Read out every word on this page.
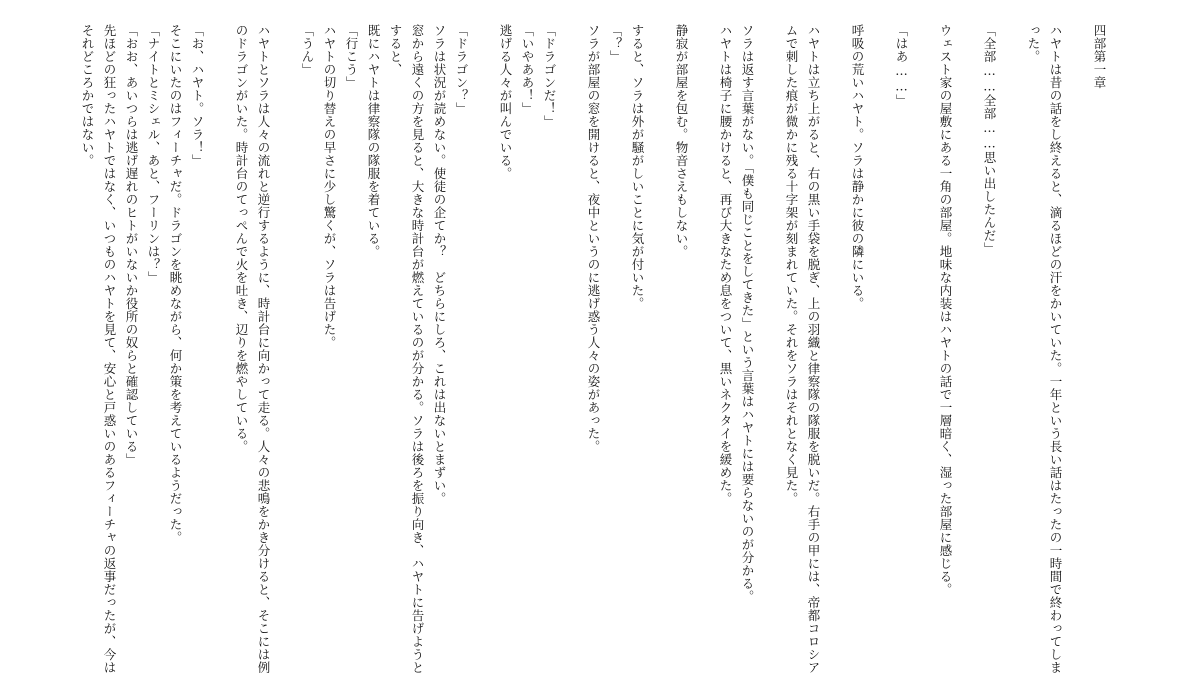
四部第一章
ハヤトは昔の話をし終えると、滴るほどの汗をかいていた。一年という長い話はたったの一時間で終わってしまった。
「全部……全部……思い出したんだ」
ウェスト家の屋敷にある一角の部屋。地味な内装はハヤトの話で一層暗く、湿った部屋に感じる。
「はあ……」
呼吸の荒いハヤト。ソラは静かに彼の隣にいる。
ハヤトは立ち上がると、右の黒い手袋を脱ぎ、上の羽織と律察隊の隊服を脱いだ。右手の甲には、帝都コロシアムで刺した痕が微かに残る十字架が刻まれていた。それをソラはそれとなく見た。
ソラは返す言葉がない。「僕も同じことをしてきた」という言葉はハヤトには要らないのが分かる。
ハヤトは椅子に腰かけると、再び大きなため息をついて、黒いネクタイを緩めた。
静寂が部屋を包む。物音さえもしない。
すると、ソラは外が騒がしいことに気が付いた。
「？」
ソラが部屋の窓を開けると、夜中というのに逃げ惑う人々の姿があった。
「ドラゴンだ！」
「いやああ！」
逃げる人々が叫んでいる。
「ドラゴン？」
ソラは状況が読めない。使徒の企てか？　どちらにしろ、これは出ないとまずい。
窓から遠くの方を見ると、大きな時計台が燃えているのが分かる。ソラは後ろを振り向き、ハヤトに告げようとすると、
既にハヤトは律察隊の隊服を着ている。
「行こう」
ハヤトの切り替えの早さに少し驚くが、ソラは告げた。
「うん」
ハヤトとソラは人々の流れと逆行するように、時計台に向かって走る。人々の悲鳴をかき分けると、そこには例のドラゴンがいた。時計台のてっぺんで火を吐き、辺りを燃やしている。
「お、ハヤト。ソラ！」
そこにいたのはフィーチャだ。ドラゴンを眺めながら、何か策を考えているようだった。
「ナイトとミシェル、あと、フーリンは？」
「おお、あいつらは逃げ遅れのヒトがいないか役所の奴らと確認している」
先ほどの狂ったハヤトではなく、いつものハヤトを見て、安心と戸惑いのあるフィーチャの返事だったが、今はそれどころかではない。
